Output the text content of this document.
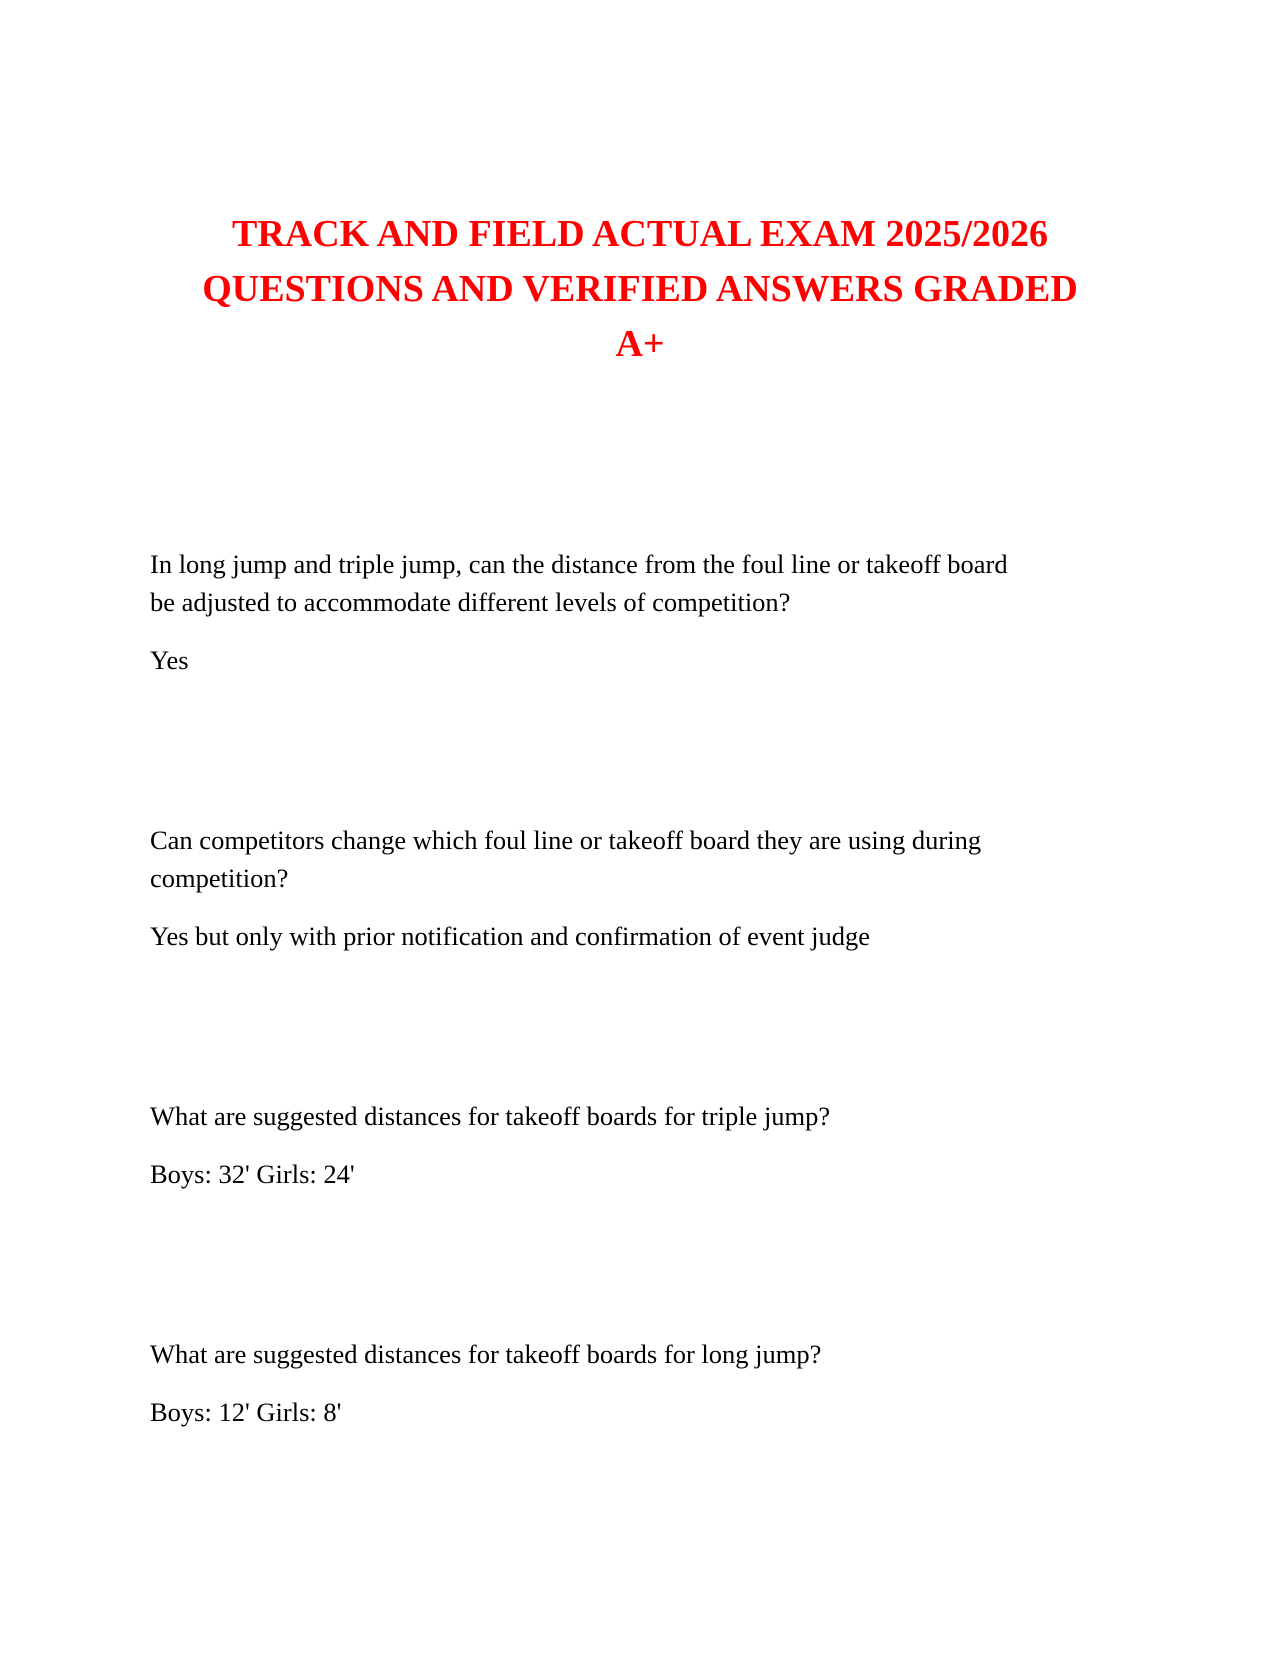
TRACK AND FIELD ACTUAL EXAM 2025/2026
QUESTIONS AND VERIFIED ANSWERS GRADED
A+

In long jump and triple jump, can the distance from the foul line or takeoff board
be adjusted to accommodate different levels of competition?

Yes

Can competitors change which foul line or takeoff board they are using during
competition?

Yes but only with prior notification and confirmation of event judge

What are suggested distances for takeoff boards for triple jump?

Boys: 32' Girls: 24'

What are suggested distances for takeoff boards for long jump?

Boys: 12' Girls: 8'
